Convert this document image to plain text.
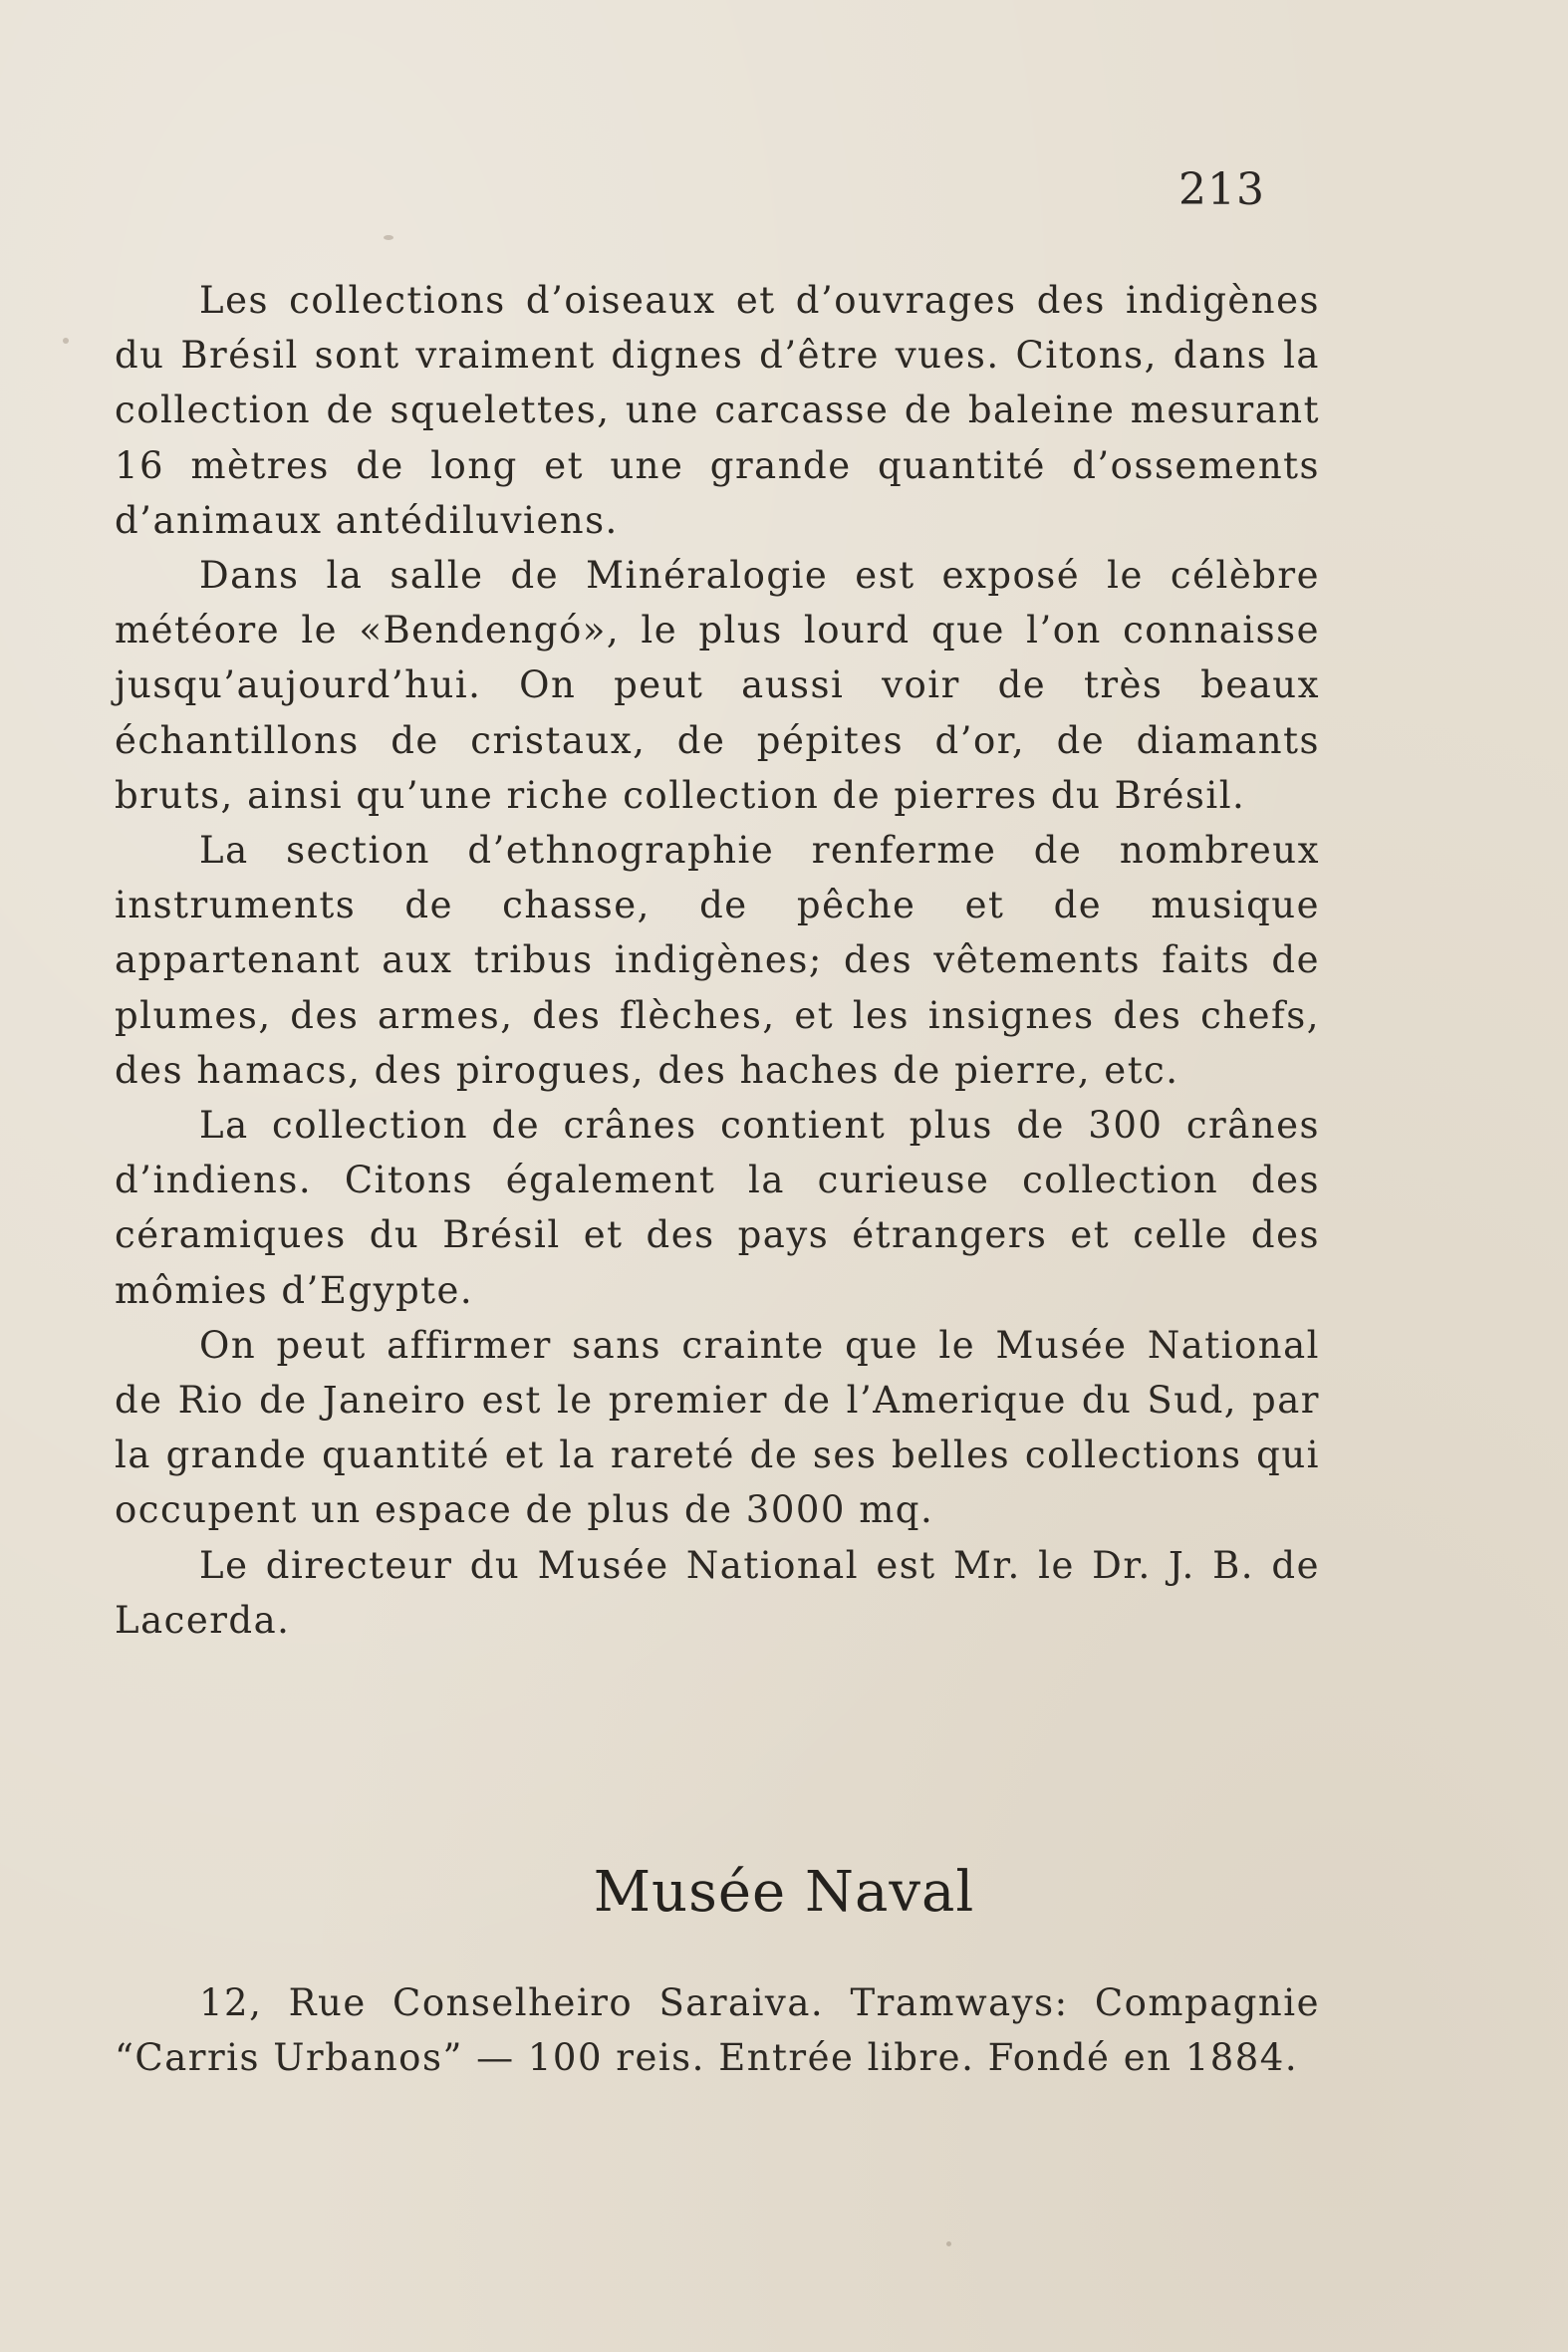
213

Les collections d’oiseaux et d’ouvrages des indigènes du Brésil sont vraiment dignes d’être vues. Citons, dans la collection de squelettes, une carcasse de baleine mesurant 16 mètres de long et une grande quantité d’ossements d’animaux antédiluviens.

Dans la salle de Minéralogie est exposé le célèbre météore le «Bendengó», le plus lourd que l’on connaisse jusqu’aujourd’hui. On peut aussi voir de très beaux échantillons de cristaux, de pépites d’or, de diamants bruts, ainsi qu’une riche collection de pierres du Brésil.

La section d’ethnographie renferme de nombreux instruments de chasse, de pêche et de musique appartenant aux tribus indigènes; des vêtements faits de plumes, des armes, des flèches, et les insignes des chefs, des hamacs, des pirogues, des haches de pierre, etc.

La collection de crânes contient plus de 300 crânes d’indiens. Citons également la curieuse collection des céramiques du Brésil et des pays étrangers et celle des mômies d’Egypte.

On peut affirmer sans crainte que le Musée National de Rio de Janeiro est le premier de l’Amerique du Sud, par la grande quantité et la rareté de ses belles collections qui occupent un espace de plus de 3000 mq.

Le directeur du Musée National est Mr. le Dr. J. B. de Lacerda.

Musée Naval

12, Rue Conselheiro Saraiva. Tramways: Compagnie “Carris Urbanos” — 100 reis. Entrée libre. Fondé en 1884.
